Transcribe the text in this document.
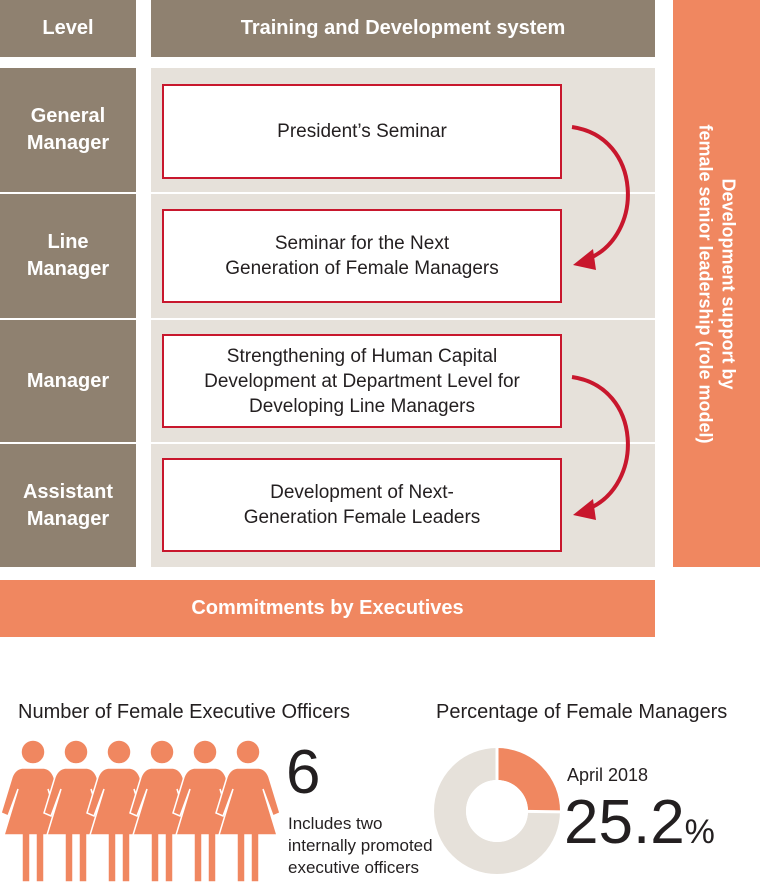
Level	Training and Development system
General
Manager
Line
Manager
Manager
Assistant
Manager
President’s Seminar
Seminar for the Next
Generation of Female Managers
Strengthening of Human Capital
Development at Department Level for
Developing Line Managers
Development of Next-
Generation Female Leaders
Development support by
female senior leadership (role model)
Commitments by Executives
Number of Female Executive Officers
6
Includes two
internally promoted
executive officers
Percentage of Female Managers
April 2018
25.2%
